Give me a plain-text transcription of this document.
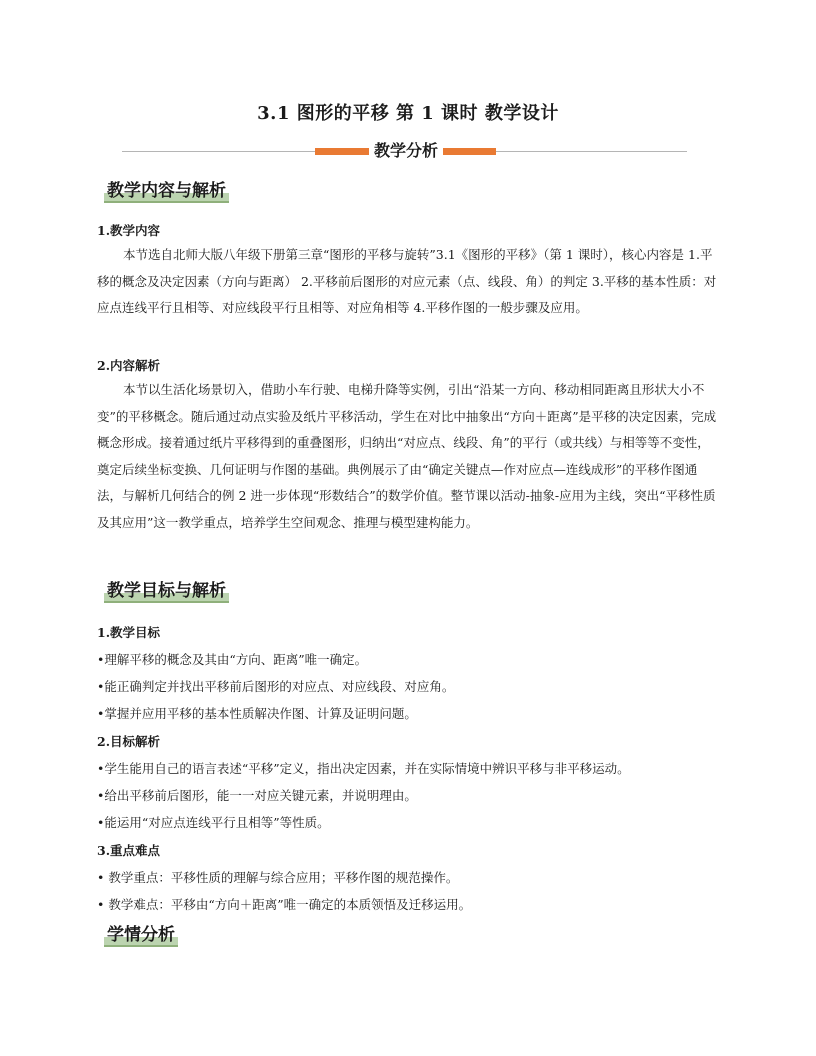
3.1 图形的平移 第 1 课时 教学设计
教学分析
教学内容与解析
1.教学内容

本节选自北师大版八年级下册第三章“图形的平移与旋转”3.1《图形的平移》（第 1 课时），核心内容是 1.平移的概念及决定因素（方向与距离） 2.平移前后图形的对应元素（点、线段、角）的判定 3.平移的基本性质：对应点连线平行且相等、对应线段平行且相等、对应角相等 4.平移作图的一般步骤及应用。

2.内容解析

本节以生活化场景切入，借助小车行驶、电梯升降等实例，引出“沿某一方向、移动相同距离且形状大小不变”的平移概念。随后通过动点实验及纸片平移活动，学生在对比中抽象出“方向＋距离”是平移的决定因素，完成概念形成。接着通过纸片平移得到的重叠图形，归纳出“对应点、线段、角”的平行（或共线）与相等等不变性，奠定后续坐标变换、几何证明与作图的基础。典例展示了由“确定关键点—作对应点—连线成形”的平移作图通法，与解析几何结合的例 2 进一步体现“形数结合”的数学价值。整节课以活动-抽象-应用为主线，突出“平移性质及其应用”这一教学重点，培养学生空间观念、推理与模型建构能力。

教学目标与解析
1.教学目标
•理解平移的概念及其由“方向、距离”唯一确定。
•能正确判定并找出平移前后图形的对应点、对应线段、对应角。
•掌握并应用平移的基本性质解决作图、计算及证明问题。
2.目标解析
•学生能用自己的语言表述“平移”定义，指出决定因素，并在实际情境中辨识平移与非平移运动。
•给出平移前后图形，能一一对应关键元素，并说明理由。
•能运用“对应点连线平行且相等”等性质。
3.重点难点
• 教学重点：平移性质的理解与综合应用；平移作图的规范操作。
• 教学难点：平移由“方向＋距离”唯一确定的本质领悟及迁移运用。
学情分析
